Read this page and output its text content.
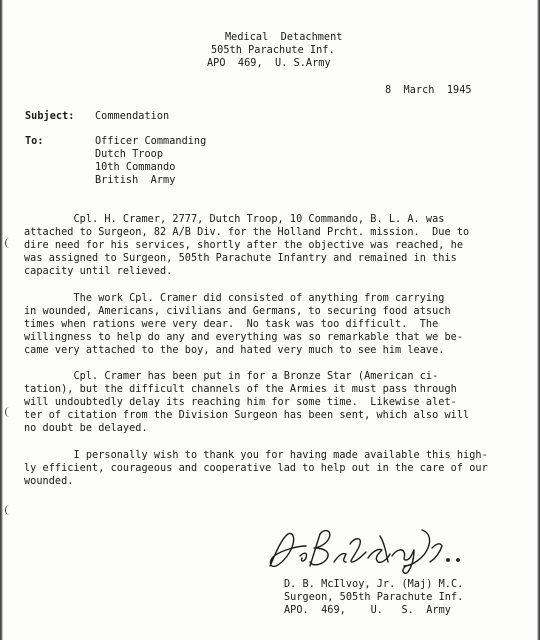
Medical  Detachment
505th Parachute Inf.
APO  469,  U. S.Army
8  March  1945
Subject: Commendation
To:	Officer Commanding
Dutch Troop
10th Commando
British  Army
Cpl. H. Cramer, 2777, Dutch Troop, 10 Commando, B. L. A. was
attached to Surgeon, 82 A/B Div. for the Holland Prcht. mission.  Due to
dire need for his services, shortly after the objective was reached, he
was assigned to Surgeon, 505th Parachute Infantry and remained in this
capacity until relieved.
The work Cpl. Cramer did consisted of anything from carrying
in wounded, Americans, civilians and Germans, to securing food atsuch
times when rations were very dear.  No task was too difficult.  The
willingness to help do any and everything was so remarkable that we be-
came very attached to the boy, and hated very much to see him leave.
Cpl. Cramer has been put in for a Bronze Star (American ci-
tation), but the difficult channels of the Armies it must pass through
will undoubtedly delay its reaching him for some time.  Likewise alet-
ter of citation from the Division Surgeon has been sent, which also will
no doubt be delayed.
I personally wish to thank you for having made available this high-
ly efficient, courageous and cooperative lad to help out in the care of our
wounded.
D. B. McIlvoy, Jr. (Maj) M.C.
Surgeon, 505th Parachute Inf.
APO.  469,    U.   S.  Army
